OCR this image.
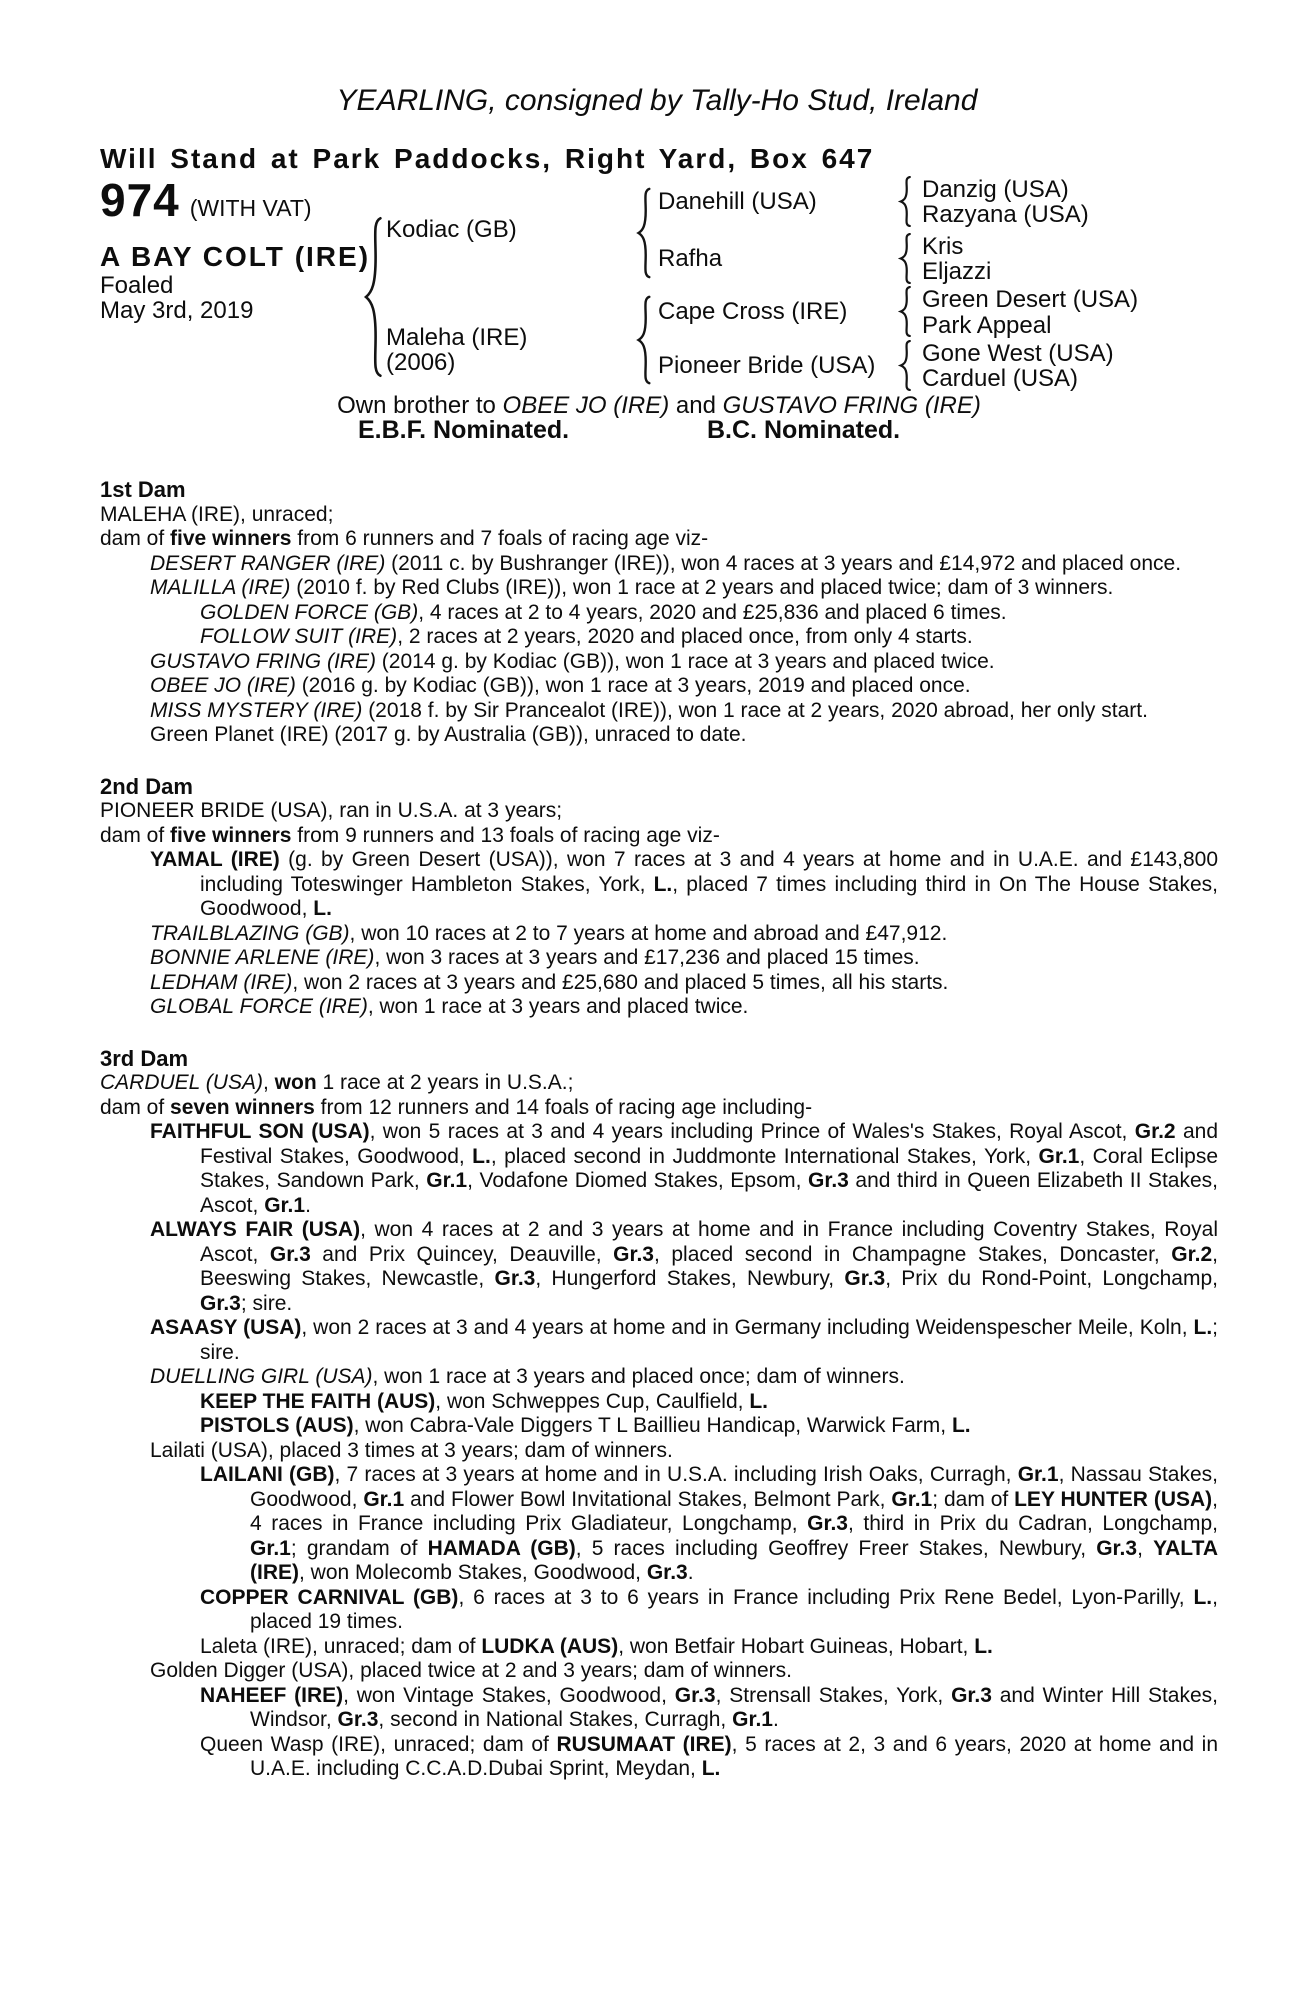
YEARLING, consigned by Tally-Ho Stud, Ireland
Will Stand at Park Paddocks, Right Yard, Box 647
974 (WITH VAT)
A BAY COLT (IRE)
Foaled
May 3rd, 2019
Kodiac (GB)
Maleha (IRE)
(2006)
Danehill (USA)
Rafha
Cape Cross (IRE)
Pioneer Bride (USA)
Danzig (USA)
Razyana (USA)
Kris
Eljazzi
Green Desert (USA)
Park Appeal
Gone West (USA)
Carduel (USA)
Own brother to OBEE JO (IRE) and GUSTAVO FRING (IRE)
E.B.F. Nominated.	B.C. Nominated.
1st Dam

MALEHA (IRE), unraced;

dam of five winners from 6 runners and 7 foals of racing age viz-

DESERT RANGER (IRE) (2011 c. by Bushranger (IRE)), won 4 races at 3 years and £14,972 and placed once.

MALILLA (IRE) (2010 f. by Red Clubs (IRE)), won 1 race at 2 years and placed twice; dam of 3 winners.

GOLDEN FORCE (GB), 4 races at 2 to 4 years, 2020 and £25,836 and placed 6 times.

FOLLOW SUIT (IRE), 2 races at 2 years, 2020 and placed once, from only 4 starts.

GUSTAVO FRING (IRE) (2014 g. by Kodiac (GB)), won 1 race at 3 years and placed twice.

OBEE JO (IRE) (2016 g. by Kodiac (GB)), won 1 race at 3 years, 2019 and placed once.

MISS MYSTERY (IRE) (2018 f. by Sir Prancealot (IRE)), won 1 race at 2 years, 2020 abroad, her only start.

Green Planet (IRE) (2017 g. by Australia (GB)), unraced to date.

2nd Dam

PIONEER BRIDE (USA), ran in U.S.A. at 3 years;

dam of five winners from 9 runners and 13 foals of racing age viz-

YAMAL (IRE) (g. by Green Desert (USA)), won 7 races at 3 and 4 years at home and in U.A.E. and £143,800 including Toteswinger Hambleton Stakes, York, L., placed 7 times including third in On The House Stakes, Goodwood, L.

TRAILBLAZING (GB), won 10 races at 2 to 7 years at home and abroad and £47,912.

BONNIE ARLENE (IRE), won 3 races at 3 years and £17,236 and placed 15 times.

LEDHAM (IRE), won 2 races at 3 years and £25,680 and placed 5 times, all his starts.

GLOBAL FORCE (IRE), won 1 race at 3 years and placed twice.

3rd Dam

CARDUEL (USA), won 1 race at 2 years in U.S.A.;

dam of seven winners from 12 runners and 14 foals of racing age including-

FAITHFUL SON (USA), won 5 races at 3 and 4 years including Prince of Wales's Stakes, Royal Ascot, Gr.2 and Festival Stakes, Goodwood, L., placed second in Juddmonte International Stakes, York, Gr.1, Coral Eclipse Stakes, Sandown Park, Gr.1, Vodafone Diomed Stakes, Epsom, Gr.3 and third in Queen Elizabeth II Stakes, Ascot, Gr.1.

ALWAYS FAIR (USA), won 4 races at 2 and 3 years at home and in France including Coventry Stakes, Royal Ascot, Gr.3 and Prix Quincey, Deauville, Gr.3, placed second in Champagne Stakes, Doncaster, Gr.2, Beeswing Stakes, Newcastle, Gr.3, Hungerford Stakes, Newbury, Gr.3, Prix du Rond-Point, Longchamp, Gr.3; sire.

ASAASY (USA), won 2 races at 3 and 4 years at home and in Germany including Weidenspescher Meile, Koln, L.; sire.

DUELLING GIRL (USA), won 1 race at 3 years and placed once; dam of winners.

KEEP THE FAITH (AUS), won Schweppes Cup, Caulfield, L.

PISTOLS (AUS), won Cabra-Vale Diggers T L Baillieu Handicap, Warwick Farm, L.

Lailati (USA), placed 3 times at 3 years; dam of winners.

LAILANI (GB), 7 races at 3 years at home and in U.S.A. including Irish Oaks, Curragh, Gr.1, Nassau Stakes, Goodwood, Gr.1 and Flower Bowl Invitational Stakes, Belmont Park, Gr.1; dam of LEY HUNTER (USA), 4 races in France including Prix Gladiateur, Longchamp, Gr.3, third in Prix du Cadran, Longchamp, Gr.1; grandam of HAMADA (GB), 5 races including Geoffrey Freer Stakes, Newbury, Gr.3, YALTA (IRE), won Molecomb Stakes, Goodwood, Gr.3.

COPPER CARNIVAL (GB), 6 races at 3 to 6 years in France including Prix Rene Bedel, Lyon-Parilly, L., placed 19 times.

Laleta (IRE), unraced; dam of LUDKA (AUS), won Betfair Hobart Guineas, Hobart, L.

Golden Digger (USA), placed twice at 2 and 3 years; dam of winners.

NAHEEF (IRE), won Vintage Stakes, Goodwood, Gr.3, Strensall Stakes, York, Gr.3 and Winter Hill Stakes, Windsor, Gr.3, second in National Stakes, Curragh, Gr.1.

Queen Wasp (IRE), unraced; dam of RUSUMAAT (IRE), 5 races at 2, 3 and 6 years, 2020 at home and in U.A.E. including C.C.A.D.Dubai Sprint, Meydan, L.
